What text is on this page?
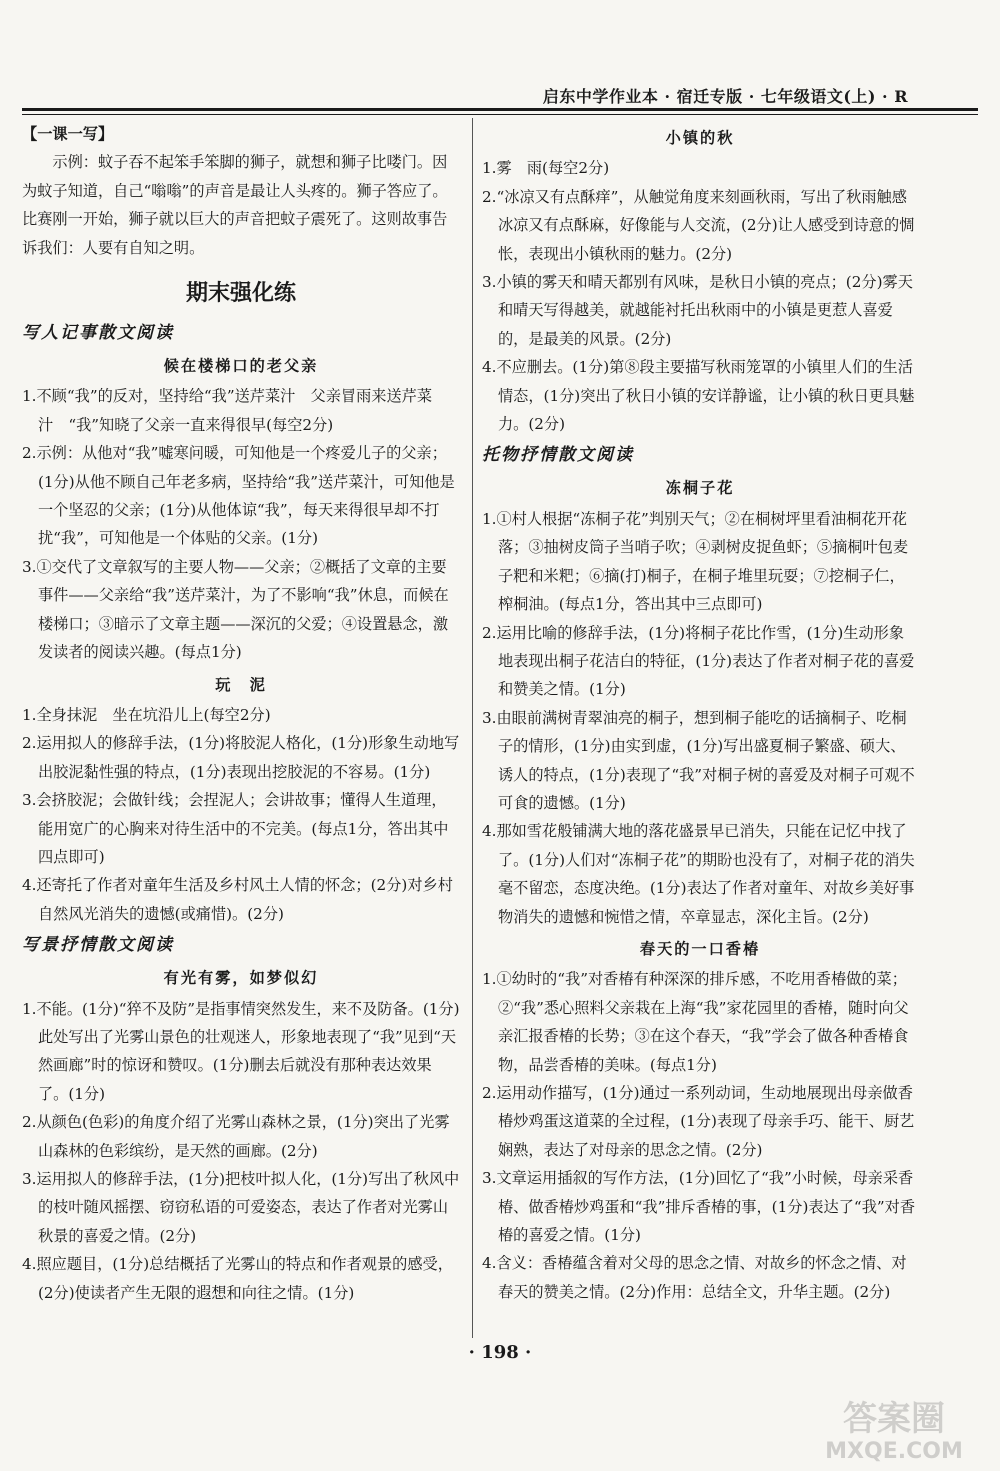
启东中学作业本 · 宿迁专版 · 七年级语文(上) · R

【一课一写】

示例：蚊子吞不起笨手笨脚的狮子，就想和狮子比喽门。因为蚊子知道，自己“嗡嗡”的声音是最让人头疼的。狮子答应了。比赛刚一开始，狮子就以巨大的声音把蚊子震死了。这则故事告诉我们：人要有自知之明。

期末强化练

写人记事散文阅读

候在楼梯口的老父亲

1.不顾“我”的反对，坚持给“我”送芹菜汁　父亲冒雨来送芹菜汁　“我”知晓了父亲一直来得很早(每空2分)

2.示例：从他对“我”嘘寒问暖，可知他是一个疼爱儿子的父亲；(1分)从他不顾自己年老多病，坚持给“我”送芹菜汁，可知他是一个坚忍的父亲；(1分)从他体谅“我”，每天来得很早却不打扰“我”，可知他是一个体贴的父亲。(1分)

3.①交代了文章叙写的主要人物——父亲；②概括了文章的主要事件——父亲给“我”送芹菜汁，为了不影响“我”休息，而候在楼梯口；③暗示了文章主题——深沉的父爱；④设置悬念，激发读者的阅读兴趣。(每点1分)

玩　泥

1.全身抹泥　坐在坑沿儿上(每空2分)

2.运用拟人的修辞手法，(1分)将胶泥人格化，(1分)形象生动地写出胶泥黏性强的特点，(1分)表现出挖胶泥的不容易。(1分)

3.会挤胶泥；会做针线；会捏泥人；会讲故事；懂得人生道理，能用宽广的心胸来对待生活中的不完美。(每点1分，答出其中四点即可)

4.还寄托了作者对童年生活及乡村风土人情的怀念；(2分)对乡村自然风光消失的遗憾(或痛惜)。(2分)

写景抒情散文阅读

有光有雾，如梦似幻

1.不能。(1分)“猝不及防”是指事情突然发生，来不及防备。(1分)此处写出了光雾山景色的壮观迷人，形象地表现了“我”见到“天然画廊”时的惊讶和赞叹。(1分)删去后就没有那种表达效果了。(1分)

2.从颜色(色彩)的角度介绍了光雾山森林之景，(1分)突出了光雾山森林的色彩缤纷，是天然的画廊。(2分)

3.运用拟人的修辞手法，(1分)把枝叶拟人化，(1分)写出了秋风中的枝叶随风摇摆、窃窃私语的可爱姿态，表达了作者对光雾山秋景的喜爱之情。(2分)

4.照应题目，(1分)总结概括了光雾山的特点和作者观景的感受，(2分)使读者产生无限的遐想和向往之情。(1分)

小镇的秋

1.雾　雨(每空2分)

2.“冰凉又有点酥痒”，从触觉角度来刻画秋雨，写出了秋雨触感冰凉又有点酥麻，好像能与人交流，(2分)让人感受到诗意的惆怅，表现出小镇秋雨的魅力。(2分)

3.小镇的雾天和晴天都别有风味，是秋日小镇的亮点；(2分)雾天和晴天写得越美，就越能衬托出秋雨中的小镇是更惹人喜爱的，是最美的风景。(2分)

4.不应删去。(1分)第⑧段主要描写秋雨笼罩的小镇里人们的生活情态，(1分)突出了秋日小镇的安详静谧，让小镇的秋日更具魅力。(2分)

托物抒情散文阅读

冻桐子花

1.①村人根据“冻桐子花”判别天气；②在桐树坪里看油桐花开花落；③抽树皮筒子当哨子吹；④剥树皮捉鱼虾；⑤摘桐叶包麦子粑和米粑；⑥摘(打)桐子，在桐子堆里玩耍；⑦挖桐子仁，榨桐油。(每点1分，答出其中三点即可)

2.运用比喻的修辞手法，(1分)将桐子花比作雪，(1分)生动形象地表现出桐子花洁白的特征，(1分)表达了作者对桐子花的喜爱和赞美之情。(1分)

3.由眼前满树青翠油亮的桐子，想到桐子能吃的话摘桐子、吃桐子的情形，(1分)由实到虚，(1分)写出盛夏桐子繁盛、硕大、诱人的特点，(1分)表现了“我”对桐子树的喜爱及对桐子可观不可食的遗憾。(1分)

4.那如雪花般铺满大地的落花盛景早已消失，只能在记忆中找了了。(1分)人们对“冻桐子花”的期盼也没有了，对桐子花的消失毫不留恋，态度决绝。(1分)表达了作者对童年、对故乡美好事物消失的遗憾和惋惜之情，卒章显志，深化主旨。(2分)

春天的一口香椿

1.①幼时的“我”对香椿有种深深的排斥感，不吃用香椿做的菜；②“我”悉心照料父亲栽在上海“我”家花园里的香椿，随时向父亲汇报香椿的长势；③在这个春天，“我”学会了做各种香椿食物，品尝香椿的美味。(每点1分)

2.运用动作描写，(1分)通过一系列动词，生动地展现出母亲做香椿炒鸡蛋这道菜的全过程，(1分)表现了母亲手巧、能干、厨艺娴熟，表达了对母亲的思念之情。(2分)

3.文章运用插叙的写作方法，(1分)回忆了“我”小时候，母亲采香椿、做香椿炒鸡蛋和“我”排斥香椿的事，(1分)表达了“我”对香椿的喜爱之情。(1分)

4.含义：香椿蕴含着对父母的思念之情、对故乡的怀念之情、对春天的赞美之情。(2分)作用：总结全文，升华主题。(2分)

· 198 ·
答案圈
MXQE.COM
